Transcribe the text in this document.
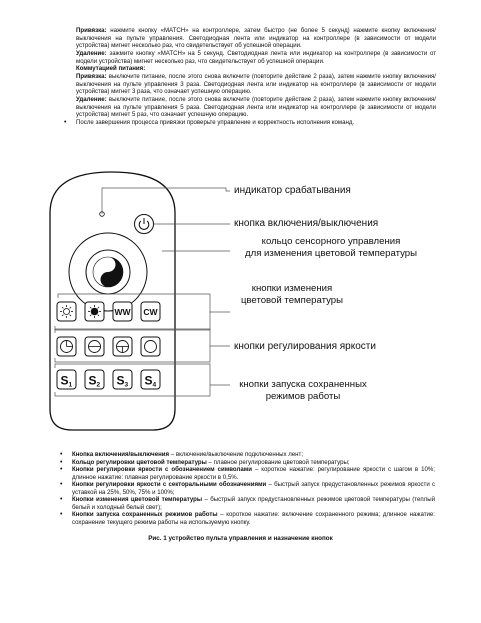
Привязка: нажмите кнопку «MATCH» на контроллере, затем быстро (не более 5 секунд) нажмите кнопку включения/выключения на пульте управления. Светодиодная лента или индикатор на контроллере (в зависимости от модели устройства) мигнет несколько раз, что свидетельствует об успешной операции.

Удаление: зажмите кнопку «MATCH» на 5 секунд. Светодиодная лента или индикатор на контроллере (в зависимости от модели устройства) мигнет несколько раз, что свидетельствует об успешной операции.

Коммутацией питания:

Привязка: выключите питание, после этого снова включите (повторите действие 2 раза), затем нажмите кнопку включения/выключения на пульте управления 3 раза. Светодиодная лента или индикатор на контроллере (в зависимости от модели устройства) мигнет 3 раза, что означает успешную операцию.

Удаление: выключите питание, после этого снова включите (повторите действие 2 раза), затем нажмите кнопку включения/выключения на пульте управления 5 раза. Светодиодная лента или индикатор на контроллере (в зависимости от модели устройства) мигнет 5 раз, что означает успешную операцию.

• После завершения процесса привязки проверьте управление и корректность исполнения команд.

WW CW
S1 S2 S3 S4
индикатор срабатывания
кнопка включения/выключения
кольцо сенсорного управления
для изменения цветовой температуры
кнопки изменения
цветовой температуры
кнопки регулирования яркости
кнопки запуска сохраненных
режимов работы
• Кнопка включения/выключения – включение/выключение подключенных лент;
• Кольцо регулировки цветовой температуры – плавное регулирование цветовой температуры;
• Кнопки регулировки яркости с обозначением символами – короткое нажатие: регулирование яркости с шагом в 10%; длинное нажатие: плавная регулирование яркости в 0,5%.
• Кнопки регулировки яркости с секторальными обозначениями – быстрый запуск предустановленных режимов яркости с уставкой на 25%, 50%, 75% и 100%;
• Кнопки изменения цветовой температуры – быстрый запуск предустановленных режимов цветовой температуры (теплый белый и холодный белый свет);
• Кнопки запуска сохраненных режимов работы – короткое нажатие: включение сохраненного режима; длинное нажатие: сохранение текущего режима работы на используемую кнопку.
Рис. 1 устройство пульта управления и назначение кнопок
